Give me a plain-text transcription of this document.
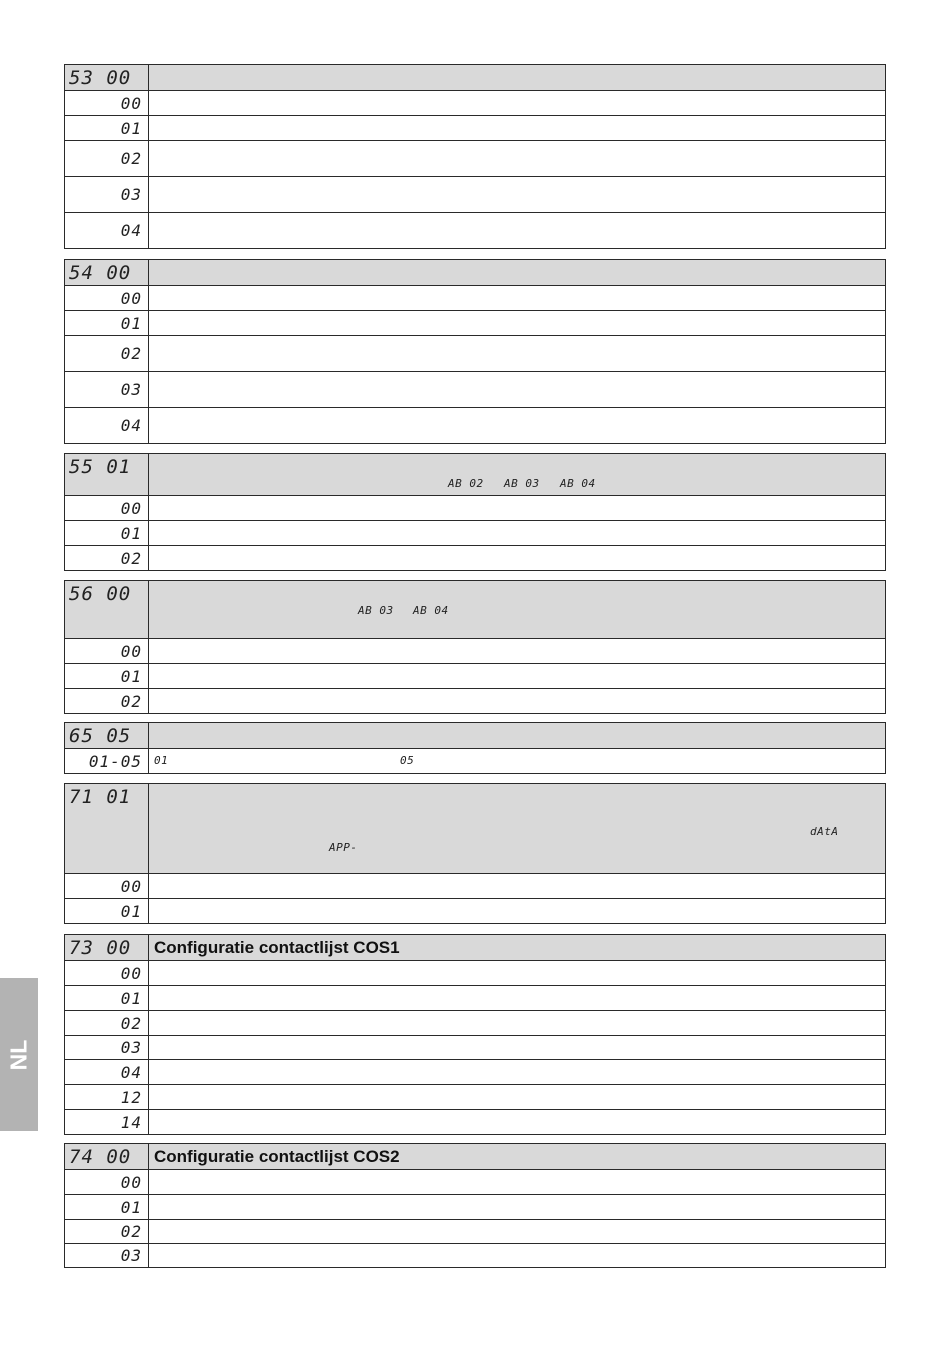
53 00	

00	

01	

02	

03	

04	

54 00	

00	

01	

02	

03	

04	

55 01	AB 02 AB 03 AB 04

00	

01	

02	

56 00	AB 03 AB 04

00	

01	

02	

65 05	

01-05	01 05
71 01	dAtA
APP-

00	

01	

73 00	Configuratie contactlijst COS1

00	

01	

02	

03	

04	

12	

14	

74 00	Configuratie contactlijst COS2

00	

01	

02	

03	

NL
